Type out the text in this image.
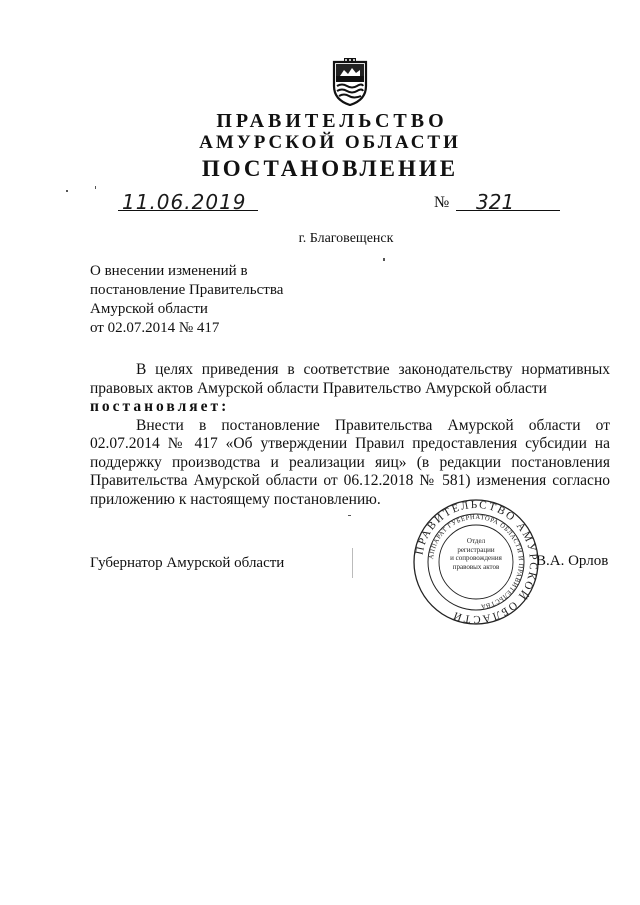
ПРАВИТЕЛЬСТВО
АМУРСКОЙ ОБЛАСТИ
ПОСТАНОВЛЕНИЕ
11.06.2019	№ 321
г. Благовещенск
О внесении изменений в
постановление Правительства
Амурской области
от 02.07.2014 № 417

В целях приведения в соответствие законодательству нормативных правовых актов Амурской области Правительство Амурской области

постановляет:

Внести в постановление Правительства Амурской области от 02.07.2014 № 417 «Об утверждении Правил предоставления субсидии на поддержку производства и реализации яиц» (в редакции постановления Правительства Амурской области от 06.12.2018 № 581) изменения согласно приложению к настоящему постановлению.

Губернатор Амурской области
ПРАВИТЕЛЬСТВО АМУРСКОЙ ОБЛАСТИ
АППАРАТ ГУБЕРНАТОРА ОБЛАСТИ И ПРАВИТЕЛЬСТВА
Отдел
регистрации
и сопровождения
правовых актов	В.А. Орлов
